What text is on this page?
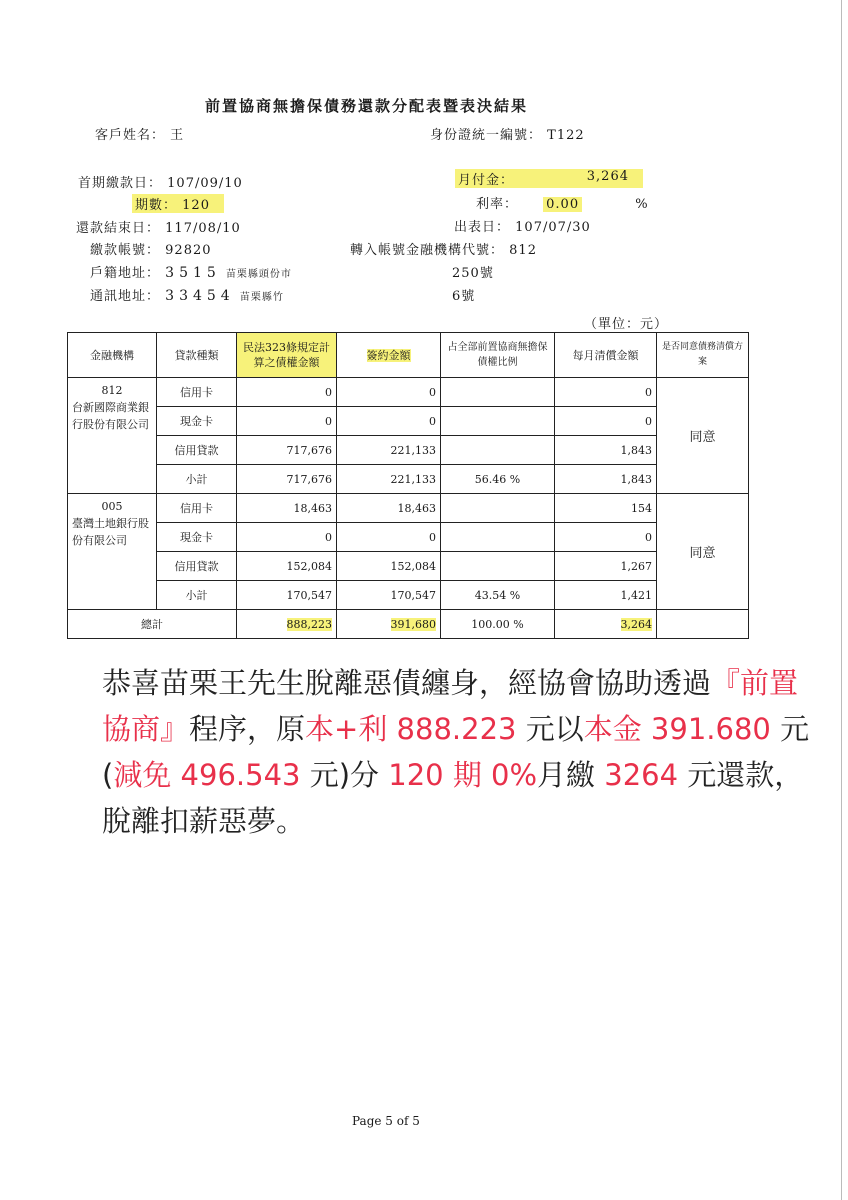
前置協商無擔保債務還款分配表暨表決結果
客戶姓名： 王	身份證統一編號： T122
首期繳款日： 107/09/10	月付金：	3,264
期數： 120	利率： 0.00	%
還款結束日： 117/08/10	出表日： 107/07/30
繳款帳號： 92820	轉入帳號金融機構代號： 812
戶籍地址： 3515 苗栗縣頭份市	250號
通訊地址： 33454 苗栗縣竹	6號
（單位：元）
金融機構	貸款種類	民法323條規定計算之債權金額	簽約金額	占全部前置協商無擔保債權比例	每月清償金額	是否同意債務清償方案

812
台新國際商業銀行股份有限公司	信用卡	0	0		0	同意
	現金卡	0	0		0	
	信用貸款	717,676	221,133		1,843	
	小計	717,676	221,133	56.46 %	1,843	

005
臺灣土地銀行股份有限公司	信用卡	18,463	18,463		154	同意
	現金卡	0	0		0	
	信用貸款	152,084	152,084		1,267	
	小計	170,547	170,547	43.54 %	1,421	
總計		888,223	391,680	100.00 %	3,264	
恭喜苗栗王先生脫離惡債纏身，經協會協助透過『前置協商』程序，原本+利 888.223 元以本金 391.680 元(減免 496.543 元)分 120 期 0%月繳 3264 元還款，脫離扣薪惡夢。
Page 5 of 5
